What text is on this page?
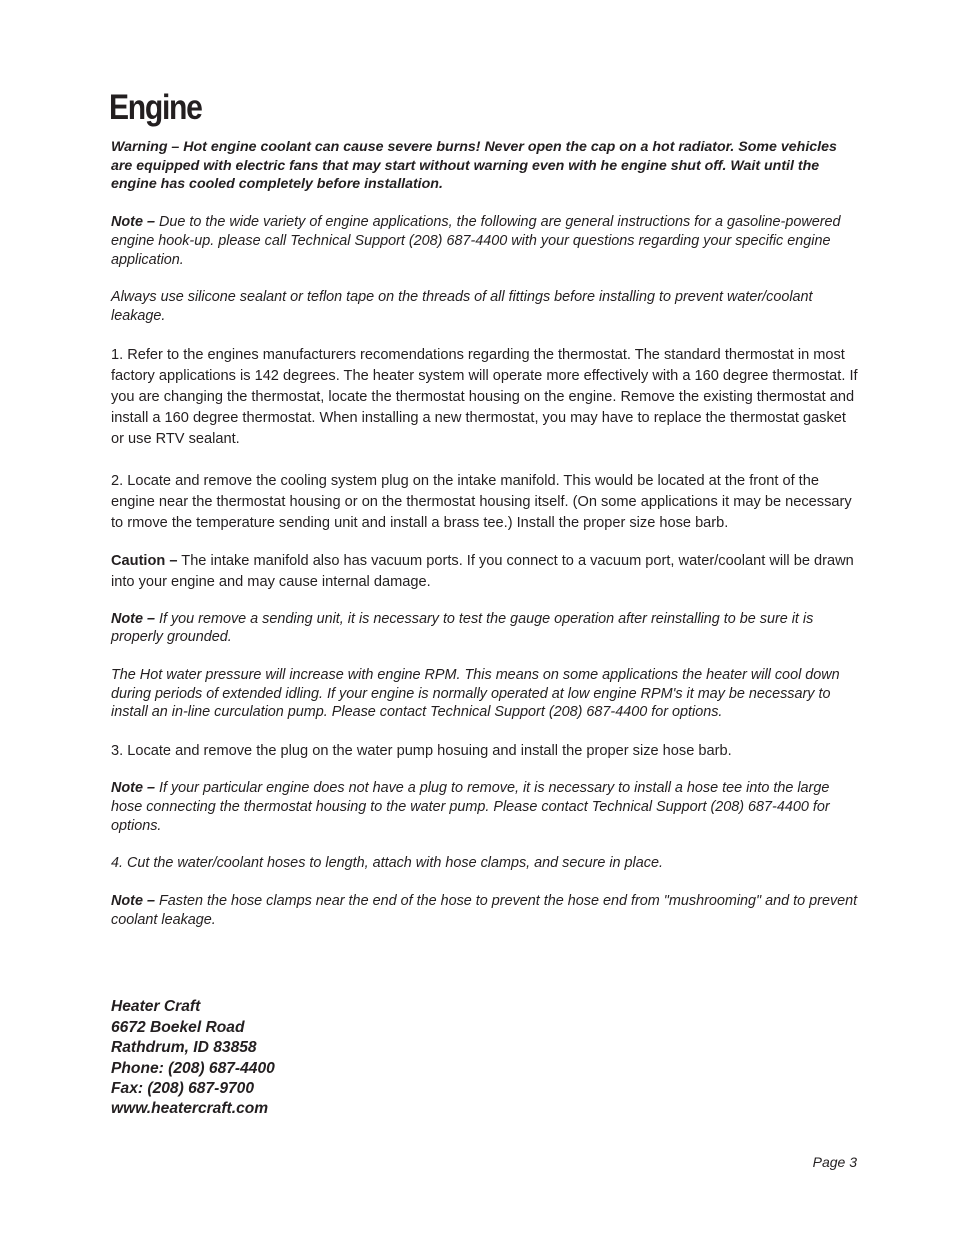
Engine

Warning – Hot engine coolant can cause severe burns! Never open the cap on a hot radiator. Some vehicles are equipped with electric fans that may start without warning even with he engine shut off. Wait until the engine has cooled completely before installation.

Note – Due to the wide variety of engine applications, the following are general instructions for a gasoline-powered engine hook-up. please call Technical Support (208) 687-4400 with your questions regarding your specific engine application.

Always use silicone sealant or teflon tape on the threads of all fittings before installing to prevent water/coolant leakage.

1. Refer to the engines manufacturers recomendations regarding the thermostat. The standard thermostat in most factory applications is 142 degrees. The heater system will operate more effectively with a 160 degree thermostat. If you are changing the thermostat, locate the thermostat housing on the engine. Remove the existing thermostat and install a 160 degree thermostat. When installing a new thermostat, you may have to replace the thermostat gasket or use RTV sealant.

2. Locate and remove the cooling system plug on the intake manifold. This would be located at the front of the engine near the thermostat housing or on the thermostat housing itself. (On some applications it may be necessary to rmove the temperature sending unit and install a brass tee.) Install the proper size hose barb.

Caution – The intake manifold also has vacuum ports. If you connect to a vacuum port, water/coolant will be drawn into your engine and may cause internal damage.

Note – If you remove a sending unit, it is necessary to test the gauge operation after reinstalling to be sure it is properly grounded.

The Hot water pressure will increase with engine RPM. This means on some applications the heater will cool down during periods of extended idling. If your engine is normally operated at low engine RPM's it may be necessary to install an in-line curculation pump. Please contact Technical Support (208) 687-4400 for options.

3. Locate and remove the plug on the water pump hosuing and install the proper size hose barb.

Note – If your particular engine does not have a plug to remove, it is necessary to install a hose tee into the large hose connecting the thermostat housing to the water pump. Please contact Technical Support (208) 687-4400 for options.

4. Cut the water/coolant hoses to length, attach with hose clamps, and secure in place.

Note – Fasten the hose clamps near the end of the hose to prevent the hose end from "mushrooming" and to prevent coolant leakage.

Heater Craft
6672 Boekel Road
Rathdrum, ID 83858
Phone: (208) 687-4400
Fax: (208) 687-9700
www.heatercraft.com
Page 3
